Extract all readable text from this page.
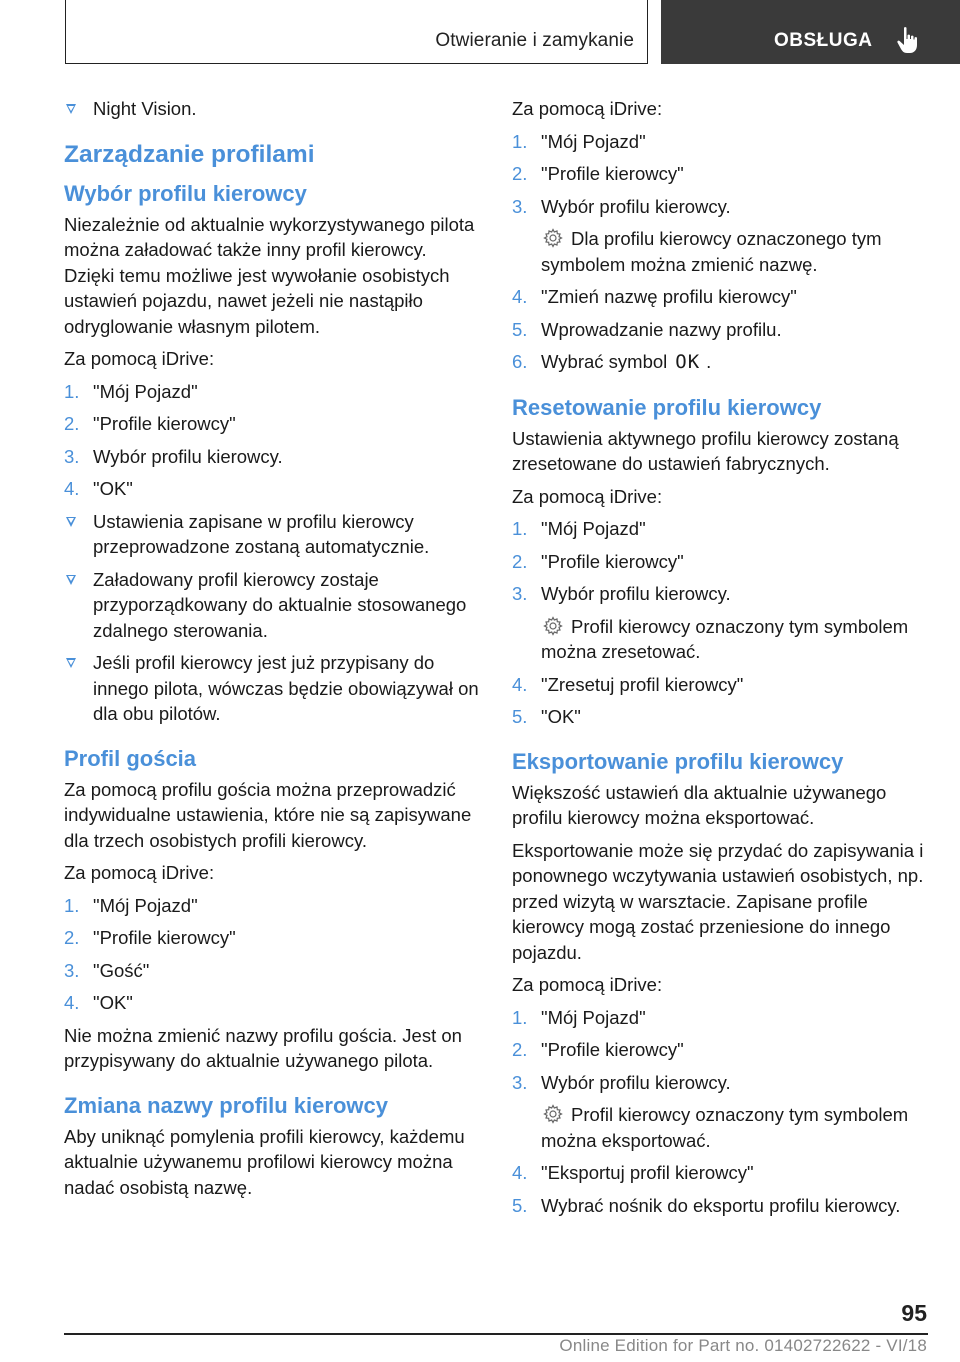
Otwieranie i zamykanie	OBSŁUGA
Night Vision.
Zarządzanie profilami
Wybór profilu kierowcy

Niezależnie od aktualnie wykorzystywanego pilota można załadować także inny profil kierowcy. Dzięki temu możliwe jest wywołanie osobistych ustawień pojazdu, nawet jeżeli nie nastąpiło odryglowanie własnym pilotem.

Za pomocą iDrive:

1. "Mój Pojazd"
2. "Profile kierowcy"
3. Wybór profilu kierowcy.
4. "OK"
Ustawienia zapisane w profilu kierowcy przeprowadzone zostaną automatycznie.
Załadowany profil kierowcy zostaje przyporządkowany do aktualnie stosowanego zdalnego sterowania.
Jeśli profil kierowcy jest już przypisany do innego pilota, wówczas będzie obowiązywał on dla obu pilotów.
Profil gościa

Za pomocą profilu gościa można przeprowadzić indywidualne ustawienia, które nie są zapisywane dla trzech osobistych profili kierowcy.

Za pomocą iDrive:

1. "Mój Pojazd"
2. "Profile kierowcy"
3. "Gość"
4. "OK"

Nie można zmienić nazwy profilu gościa. Jest on przypisywany do aktualnie używanego pilota.

Zmiana nazwy profilu kierowcy

Aby uniknąć pomylenia profili kierowcy, każdemu aktualnie używanemu profilowi kierowcy można nadać osobistą nazwę.

Za pomocą iDrive:

1. "Mój Pojazd"
2. "Profile kierowcy"
3. Wybór profilu kierowcy.
Dla profilu kierowcy oznaczonego tym symbolem można zmienić nazwę.
4. "Zmień nazwę profilu kierowcy"
5. Wprowadzanie nazwy profilu.
6. Wybrać symbol OK .
Resetowanie profilu kierowcy

Ustawienia aktywnego profilu kierowcy zostaną zresetowane do ustawień fabrycznych.

Za pomocą iDrive:

1. "Mój Pojazd"
2. "Profile kierowcy"
3. Wybór profilu kierowcy.
Profil kierowcy oznaczony tym symbolem można zresetować.
4. "Zresetuj profil kierowcy"
5. "OK"
Eksportowanie profilu kierowcy

Większość ustawień dla aktualnie używanego profilu kierowcy można eksportować.

Eksportowanie może się przydać do zapisywania i ponownego wczytywania ustawień osobistych, np. przed wizytą w warsztacie. Zapisane profile kierowcy mogą zostać przeniesione do innego pojazdu.

Za pomocą iDrive:

1. "Mój Pojazd"
2. "Profile kierowcy"
3. Wybór profilu kierowcy.
Profil kierowcy oznaczony tym symbolem można eksportować.
4. "Eksportuj profil kierowcy"
5. Wybrać nośnik do eksportu profilu kierowcy.
95
Online Edition for Part no. 01402722622 - VI/18
